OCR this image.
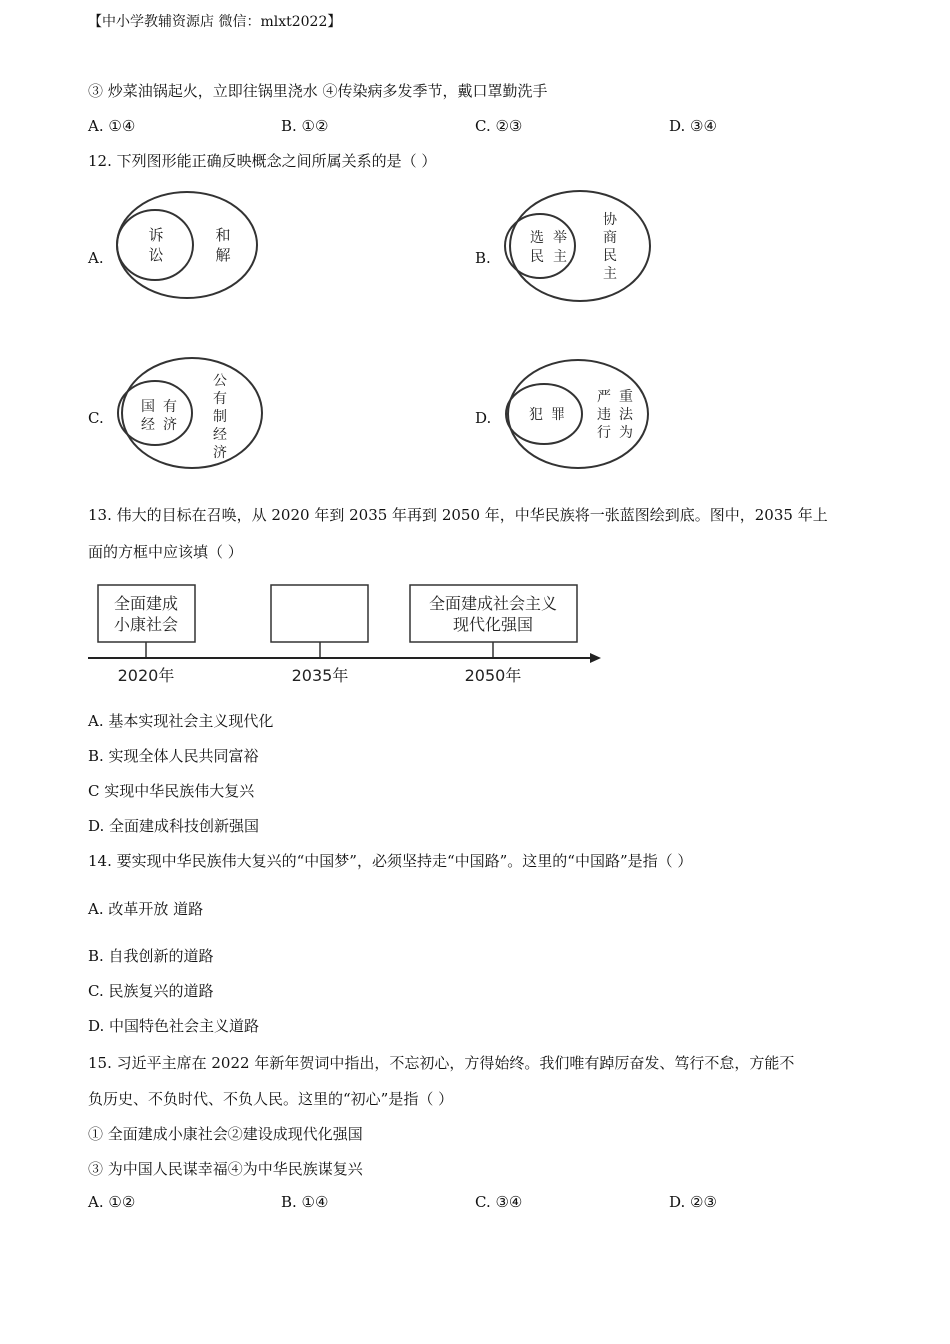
【中小学教辅资源店 微信：mlxt2022】
③ 炒菜油锅起火，立即往锅里浇水 ④传染病多发季节，戴口罩勤洗手
A. ①④	B. ①②	C. ②③	D. ③④
12. 下列图形能正确反映概念之间所属关系的是（ ）
A.
诉
讼
和
解	B.
选 举
民 主
协
商
民
主
C.
国 有
经 济
公
有
制
经
济
D.	犯 罪
严 重
违 法
行 为
13. 伟大的目标在召唤，从 2020 年到 2035 年再到 2050 年，中华民族将一张蓝图绘到底。图中，2035 年上
面的方框中应该填（ ）
全面建成
小康社会
全面建成社会主义
现代化强国
2020年	2035年	2050年
A. 基本实现社会主义现代化
B. 实现全体人民共同富裕
C 实现中华民族伟大复兴
D. 全面建成科技创新强国
14. 要实现中华民族伟大复兴的“中国梦”，必须坚持走“中国路”。这里的“中国路”是指（ ）
A. 改革开放 道路
B. 自我创新的道路
C. 民族复兴的道路
D. 中国特色社会主义道路
15. 习近平主席在 2022 年新年贺词中指出，不忘初心，方得始终。我们唯有踔厉奋发、笃行不怠，方能不
负历史、不负时代、不负人民。这里的“初心”是指（ ）
① 全面建成小康社会②建设成现代化强国
③ 为中国人民谋幸福④为中华民族谋复兴
A. ①②	B. ①④	C. ③④	D. ②③
